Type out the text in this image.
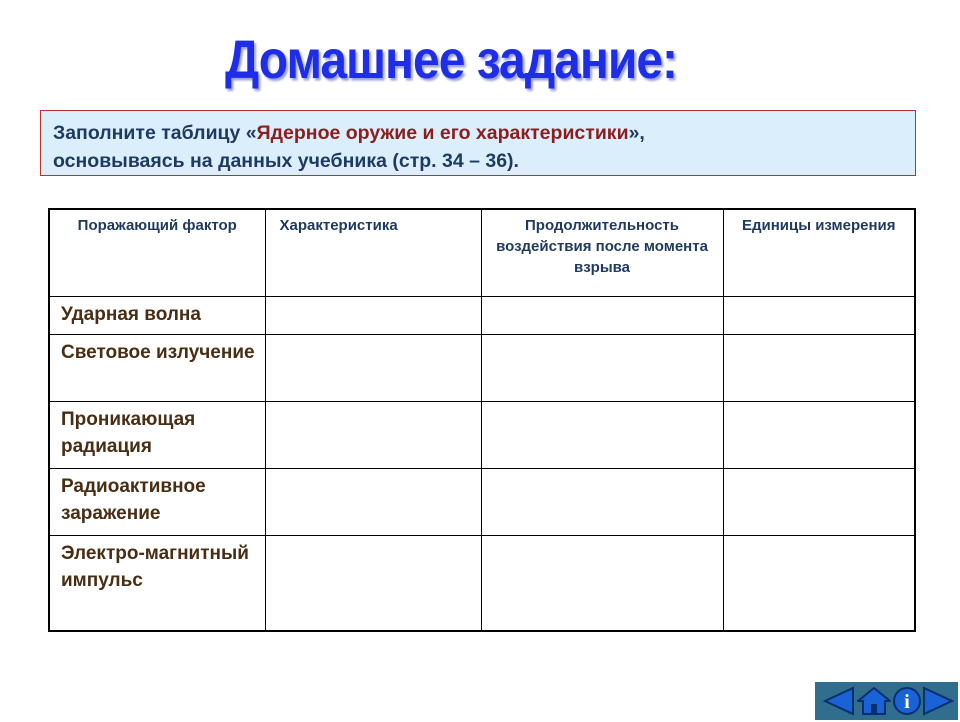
Домашнее задание:
Заполните таблицу «Ядерное оружие и его характеристики»,
основываясь на данных учебника (стр. 34 – 36).
Поражающий фактор	Характеристика	Продолжительность воздействия после момента взрыва	Единицы измерения
Ударная волна			
Световое излучение			
Проникающая радиация			
Радиоактивное заражение			
Электро-магнитный импульс			
i
